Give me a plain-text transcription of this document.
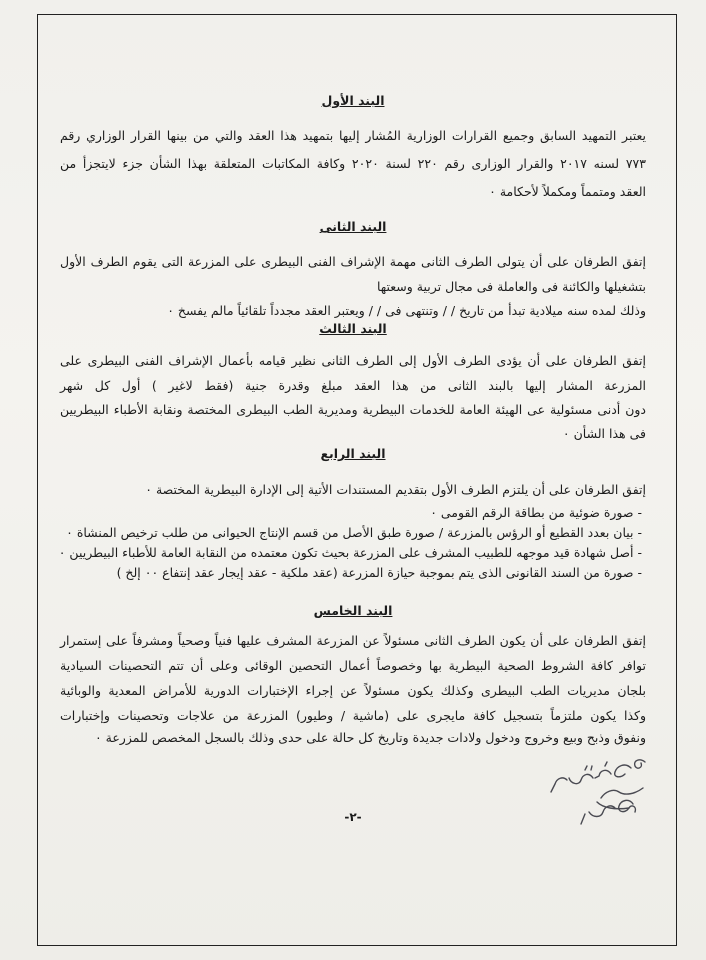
البند الأول
يعتبر التمهيد السابق وجميع القرارات الوزارية المُشار إليها بتمهيد هذا العقد والتي من بينها القرار الوزاري رقم
٧٧٣ لسنه ٢٠١٧ والقرار الوزارى رقم ٢٢٠ لسنة ٢٠٢٠ وكافة المكاتبات المتعلقة بهذا الشأن جزء لايتجزأ من
العقد ومتمماً ومكملاً لأحكامة ٠
البند الثانى
إتفق الطرفان على أن يتولى الطرف الثانى مهمة الإشراف الفنى البيطرى على المزرعة التى يقوم الطرف الأول
بتشغيلها والكائنة فى والعاملة فى مجال تربية وسعتها
وذلك لمده سنه ميلادية تبدأ من تاريخ / / وتنتهى فى / / ويعتبر العقد مجدداً تلقائياً مالم يفسخ ٠
البند الثالث
إتفق الطرفان على أن يؤدى الطرف الأول إلى الطرف الثانى نظير قيامه بأعمال الإشراف الفنى البيطرى على
المزرعة المشار إليها بالبند الثانى من هذا العقد مبلغ وقدرة جنية (فقط لاغير ) أول كل شهر
دون أدنى مسئولية عى الهيئة العامة للخدمات البيطرية ومديرية الطب البيطرى المختصة ونقابة الأطباء البيطريين
فى هذا الشأن ٠
البند الرابع
إتفق الطرفان على أن يلتزم الطرف الأول بتقديم المستندات الأتية إلى الإدارة البيطرية المختصة ٠
- صورة ضوئية من بطاقة الرقم القومى ٠
- بيان بعدد القطيع أو الرؤس بالمزرعة / صورة طبق الأصل من قسم الإنتاج الحيوانى من طلب ترخيص المنشاة ٠
- أصل شهادة قيد موجهه للطبيب المشرف على المزرعة بحيث تكون معتمده من النقابة العامة للأطباء البيطريين ٠
- صورة من السند القانونى الذى يتم بموجبة حيازة المزرعة (عقد ملكية - عقد إيجار عقد إنتفاع ٠٠ إلخ )
البند الخامس
إتفق الطرفان على أن يكون الطرف الثانى مسئولاً عن المزرعة المشرف عليها فنياً وصحياً ومشرفاً على إستمرار
توافر كافة الشروط الصحية البيطرية بها وخصوصاً أعمال التحصين الوقائى وعلى أن تتم التحصينات السيادية
بلجان مديريات الطب البيطرى وكذلك يكون مسئولاً عن إجراء الإختبارات الدورية للأمراض المعدية والوبائية
وكذا يكون ملتزماً بتسجيل كافة مايجرى على (ماشية / وطيور) المزرعة من علاجات وتحصينات وإختبارات
ونفوق وذبح وبيع وخروج ودخول ولادات جديدة وتاريخ كل حالة على حدى وذلك بالسجل المخصص للمزرعة ٠
-٢-
